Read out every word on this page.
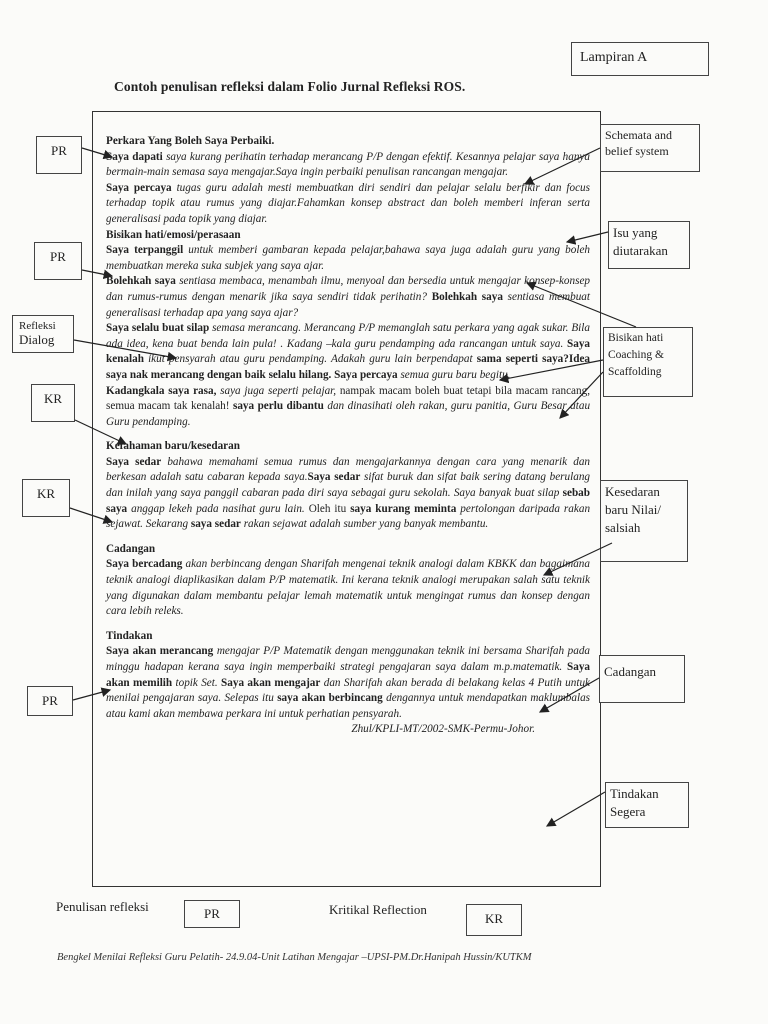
Lampiran A
Contoh penulisan refleksi dalam Folio Jurnal Refleksi ROS.

Perkara Yang Boleh Saya Perbaiki.

Saya dapati saya kurang perihatin terhadap merancang P/P dengan efektif. Kesannya pelajar saya hanya bermain-main semasa saya mengajar.Saya ingin perbaiki penulisan rancangan mengajar.

Saya percaya tugas guru adalah mesti membuatkan diri sendiri dan pelajar selalu berfikir dan focus terhadap topik atau rumus yang diajar.Fahamkan konsep abstract dan boleh memberi inferan serta generalisasi pada topik yang diajar.

Bisikan hati/emosi/perasaan

Saya terpanggil untuk memberi gambaran kepada pelajar,bahawa saya juga adalah guru yang boleh membuatkan mereka suka subjek yang saya ajar.

Bolehkah saya sentiasa membaca, menambah ilmu, menyoal dan bersedia untuk mengajar konsep-konsep dan rumus-rumus dengan menarik jika saya sendiri tidak perihatin? Bolehkah saya sentiasa membuat generalisasi terhadap apa yang saya ajar?

Saya selalu buat silap semasa merancang. Merancang P/P memanglah satu perkara yang agak sukar. Bila ada idea, kena buat benda lain pula! . Kadang –kala guru pendamping ada rancangan untuk saya. Saya kenalah ikut pensyarah atau guru pendamping. Adakah guru lain berpendapat sama seperti saya?Idea saya nak merancang dengan baik selalu hilang. Saya percaya semua guru baru begitu.

Kadangkala saya rasa, saya juga seperti pelajar, nampak macam boleh buat tetapi bila macam rancang, semua macam tak kenalah! saya perlu dibantu dan dinasihati oleh rakan, guru panitia, Guru Besar atau Guru pendamping.

Kefahaman baru/kesedaran

Saya sedar bahawa memahami semua rumus dan mengajarkannya dengan cara yang menarik dan berkesan adalah satu cabaran kepada saya.Saya sedar sifat buruk dan sifat baik sering datang berulang dan inilah yang saya panggil cabaran pada diri saya sebagai guru sekolah. Saya banyak buat silap sebab saya anggap lekeh pada nasihat guru lain. Oleh itu saya kurang meminta pertolongan daripada rakan sejawat. Sekarang saya sedar rakan sejawat adalah sumber yang banyak membantu.

Cadangan

Saya bercadang akan berbincang dengan Sharifah mengenai teknik analogi dalam KBKK dan bagaimana teknik analogi diaplikasikan dalam P/P matematik. Ini kerana teknik analogi merupakan salah satu teknik yang digunakan dalam membantu pelajar lemah matematik untuk mengingat rumus dan konsep dengan cara lebih releks.

Tindakan

Saya akan merancang mengajar P/P Matematik dengan menggunakan teknik ini bersama Sharifah pada minggu hadapan kerana saya ingin memperbaiki strategi pengajaran saya dalam m.p.matematik. Saya akan memilih topik Set. Saya akan mengajar dan Sharifah akan berada di belakang kelas 4 Putih untuk menilai pengajaran saya. Selepas itu saya akan berbincang dengannya untuk mendapatkan maklumbalas atau kami akan membawa perkara ini untuk perhatian pensyarah.

Zhul/KPLI-MT/2002-SMK-Permu-Johor.

PR
PR
Refleksi
Dialog
KR
KR
PR
Schemata and belief system
Isu yang diutarakan
Bisikan hati Coaching & Scaffolding
Kesedaran baru Nilai/ salsiah
Cadangan
Tindakan Segera
Penulisan refleksi	PR	Kritikal Reflection
KR
Bengkel Menilai Refleksi Guru Pelatih- 24.9.04-Unit Latihan Mengajar –UPSI-PM.Dr.Hanipah Hussin/KUTKM
